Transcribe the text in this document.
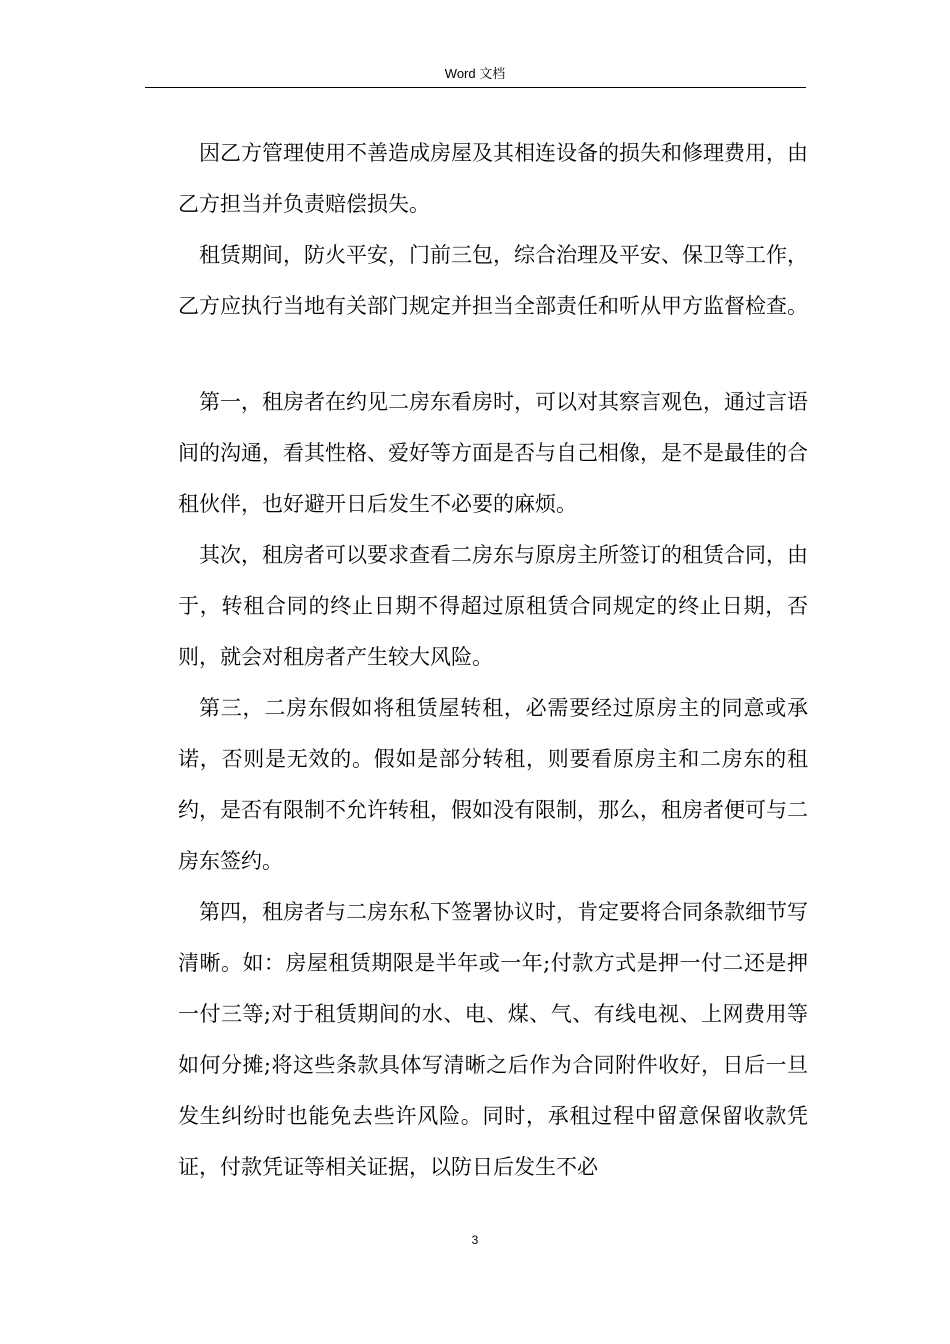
Word 文档

因乙方管理使用不善造成房屋及其相连设备的损失和修理费用，由乙方担当并负责赔偿损失。

租赁期间，防火平安，门前三包，综合治理及平安、保卫等工作，乙方应执行当地有关部门规定并担当全部责任和听从甲方监督检查。

第一，租房者在约见二房东看房时，可以对其察言观色，通过言语间的沟通，看其性格、爱好等方面是否与自己相像，是不是最佳的合租伙伴，也好避开日后发生不必要的麻烦。

其次，租房者可以要求查看二房东与原房主所签订的租赁合同，由于，转租合同的终止日期不得超过原租赁合同规定的终止日期，否则，就会对租房者产生较大风险。

第三，二房东假如将租赁屋转租，必需要经过原房主的同意或承诺，否则是无效的。假如是部分转租，则要看原房主和二房东的租约，是否有限制不允许转租，假如没有限制，那么，租房者便可与二房东签约。

第四，租房者与二房东私下签署协议时，肯定要将合同条款细节写清晰。如：房屋租赁期限是半年或一年;付款方式是押一付二还是押一付三等;对于租赁期间的水、电、煤、气、有线电视、上网费用等如何分摊;将这些条款具体写清晰之后作为合同附件收好，日后一旦发生纠纷时也能免去些许风险。同时，承租过程中留意保留收款凭证，付款凭证等相关证据，以防日后发生不必

3
